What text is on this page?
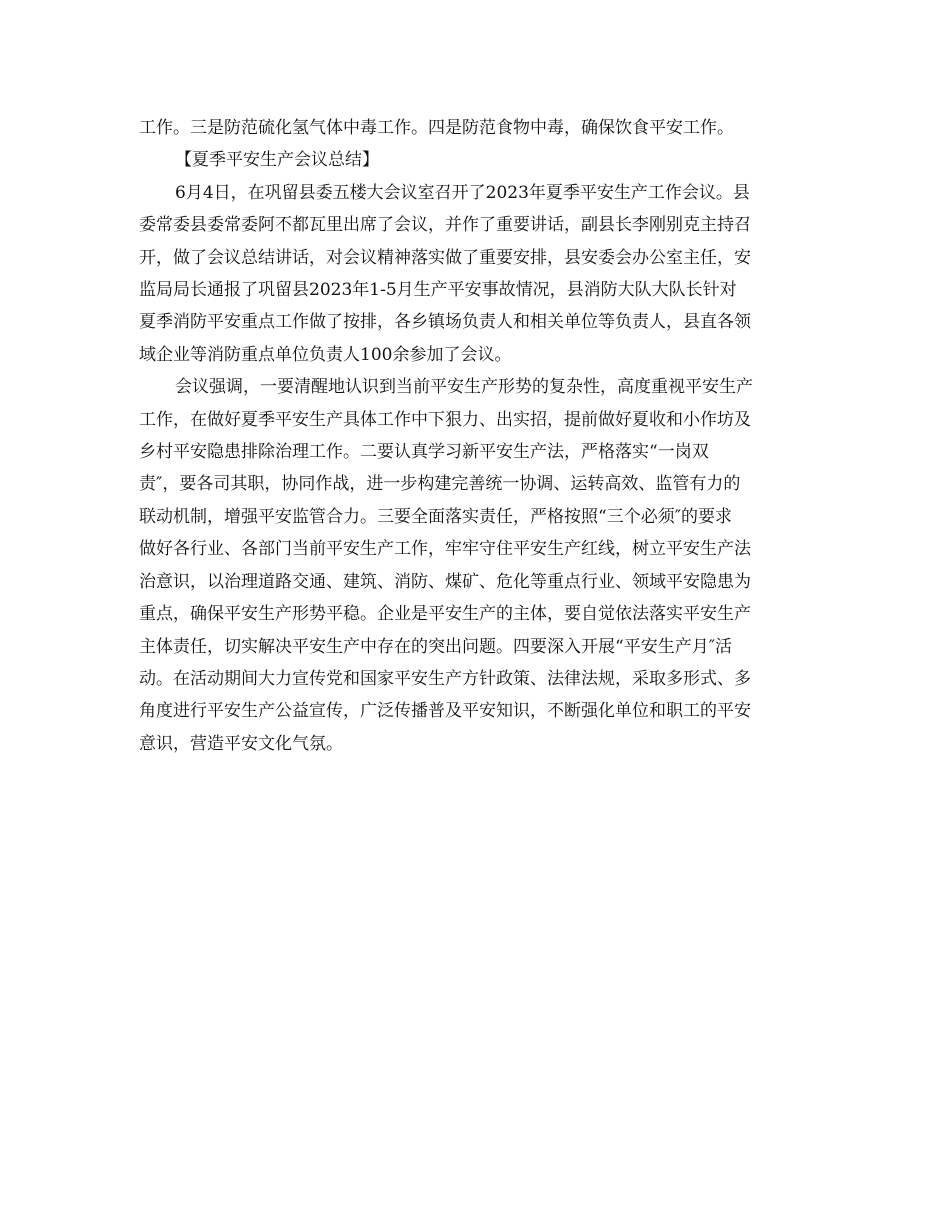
工作。三是防范硫化氢气体中毒工作。四是防范食物中毒，确保饮食平安工作。

【夏季平安生产会议总结】

6月4日，在巩留县委五楼大会议室召开了2023年夏季平安生产工作会议。县
委常委县委常委阿不都瓦里出席了会议，并作了重要讲话，副县长李刚别克主持召
开，做了会议总结讲话，对会议精神落实做了重要安排，县安委会办公室主任，安
监局局长通报了巩留县2023年1-5月生产平安事故情况，县消防大队大队长针对
夏季消防平安重点工作做了按排，各乡镇场负责人和相关单位等负责人，县直各领
域企业等消防重点单位负责人100余参加了会议。

会议强调，一要清醒地认识到当前平安生产形势的复杂性，高度重视平安生产
工作，在做好夏季平安生产具体工作中下狠力、出实招，提前做好夏收和小作坊及
乡村平安隐患排除治理工作。二要认真学习新平安生产法，严格落实“一岗双
责″，要各司其职，协同作战，进一步构建完善统一协调、运转高效、监管有力的
联动机制，增强平安监管合力。三要全面落实责任，严格按照“三个必须″的要求
做好各行业、各部门当前平安生产工作，牢牢守住平安生产红线，树立平安生产法
治意识，以治理道路交通、建筑、消防、煤矿、危化等重点行业、领域平安隐患为
重点，确保平安生产形势平稳。企业是平安生产的主体，要自觉依法落实平安生产
主体责任，切实解决平安生产中存在的突出问题。四要深入开展“平安生产月″活
动。在活动期间大力宣传党和国家平安生产方针政策、法律法规，采取多形式、多
角度进行平安生产公益宣传，广泛传播普及平安知识，不断强化单位和职工的平安
意识，营造平安文化气氛。
